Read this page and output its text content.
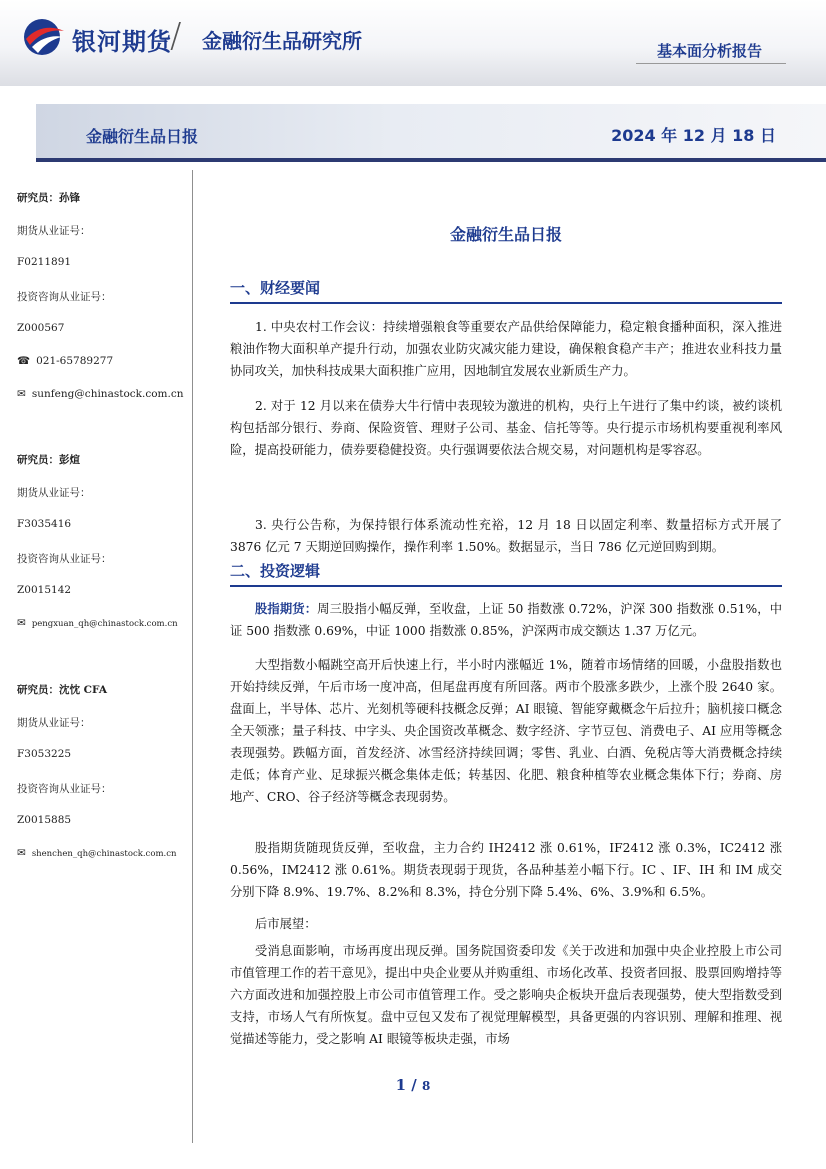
银河期货
/ 金融衍生品研究所	基本面分析报告
金融衍生品日报	2024 年 12 月 18 日
研究员：孙锋
期货从业证号：
F0211891
投资咨询从业证号：
Z000567
☎ 021-65789277
✉ sunfeng@chinastock.com.cn
研究员：彭煊
期货从业证号：
F3035416
投资咨询从业证号：
Z0015142
✉ pengxuan_qh@chinastock.com.cn
研究员：沈忱 CFA
期货从业证号：
F3053225
投资咨询从业证号：
Z0015885
✉ shenchen_qh@chinastock.com.cn
金融衍生品日报
一、财经要闻
1. 中央农村工作会议：持续增强粮食等重要农产品供给保障能力，稳定粮食播种面积，深入推进粮油作物大面积单产提升行动，加强农业防灾减灾能力建设，确保粮食稳产丰产；推进农业科技力量协同攻关，加快科技成果大面积推广应用，因地制宜发展农业新质生产力。
2. 对于 12 月以来在债券大牛行情中表现较为激进的机构，央行上午进行了集中约谈，被约谈机构包括部分银行、券商、保险资管、理财子公司、基金、信托等等。央行提示市场机构要重视利率风险，提高投研能力，债券要稳健投资。央行强调要依法合规交易，对问题机构是零容忍。
3. 央行公告称，为保持银行体系流动性充裕，12 月 18 日以固定利率、数量招标方式开展了 3876 亿元 7 天期逆回购操作，操作利率 1.50%。数据显示，当日 786 亿元逆回购到期。
二、投资逻辑
股指期货：周三股指小幅反弹，至收盘，上证 50 指数涨 0.72%，沪深 300 指数涨 0.51%，中证 500 指数涨 0.69%，中证 1000 指数涨 0.85%，沪深两市成交额达 1.37 万亿元。
大型指数小幅跳空高开后快速上行，半小时内涨幅近 1%，随着市场情绪的回暖，小盘股指数也开始持续反弹，午后市场一度冲高，但尾盘再度有所回落。两市个股涨多跌少，上涨个股 2640 家。盘面上，半导体、芯片、光刻机等硬科技概念反弹；AI 眼镜、智能穿戴概念午后拉升；脑机接口概念全天领涨；量子科技、中字头、央企国资改革概念、数字经济、字节豆包、消费电子、AI 应用等概念表现强势。跌幅方面，首发经济、冰雪经济持续回调；零售、乳业、白酒、免税店等大消费概念持续走低；体育产业、足球振兴概念集体走低；转基因、化肥、粮食种植等农业概念集体下行；券商、房地产、CRO、谷子经济等概念表现弱势。
股指期货随现货反弹，至收盘，主力合约 IH2412 涨 0.61%，IF2412 涨 0.3%，IC2412 涨 0.56%，IM2412 涨 0.61%。期货表现弱于现货，各品种基差小幅下行。IC 、IF、IH 和 IM 成交分别下降 8.9%、19.7%、8.2%和 8.3%，持仓分别下降 5.4%、6%、3.9%和 6.5%。
后市展望：
受消息面影响，市场再度出现反弹。国务院国资委印发《关于改进和加强中央企业控股上市公司市值管理工作的若干意见》，提出中央企业要从并购重组、市场化改革、投资者回报、股票回购增持等六方面改进和加强控股上市公司市值管理工作。受之影响央企板块开盘后表现强势，使大型指数受到支持，市场人气有所恢复。盘中豆包又发布了视觉理解模型，具备更强的内容识别、理解和推理、视觉描述等能力，受之影响 AI 眼镜等板块走强，市场
1 / 8
